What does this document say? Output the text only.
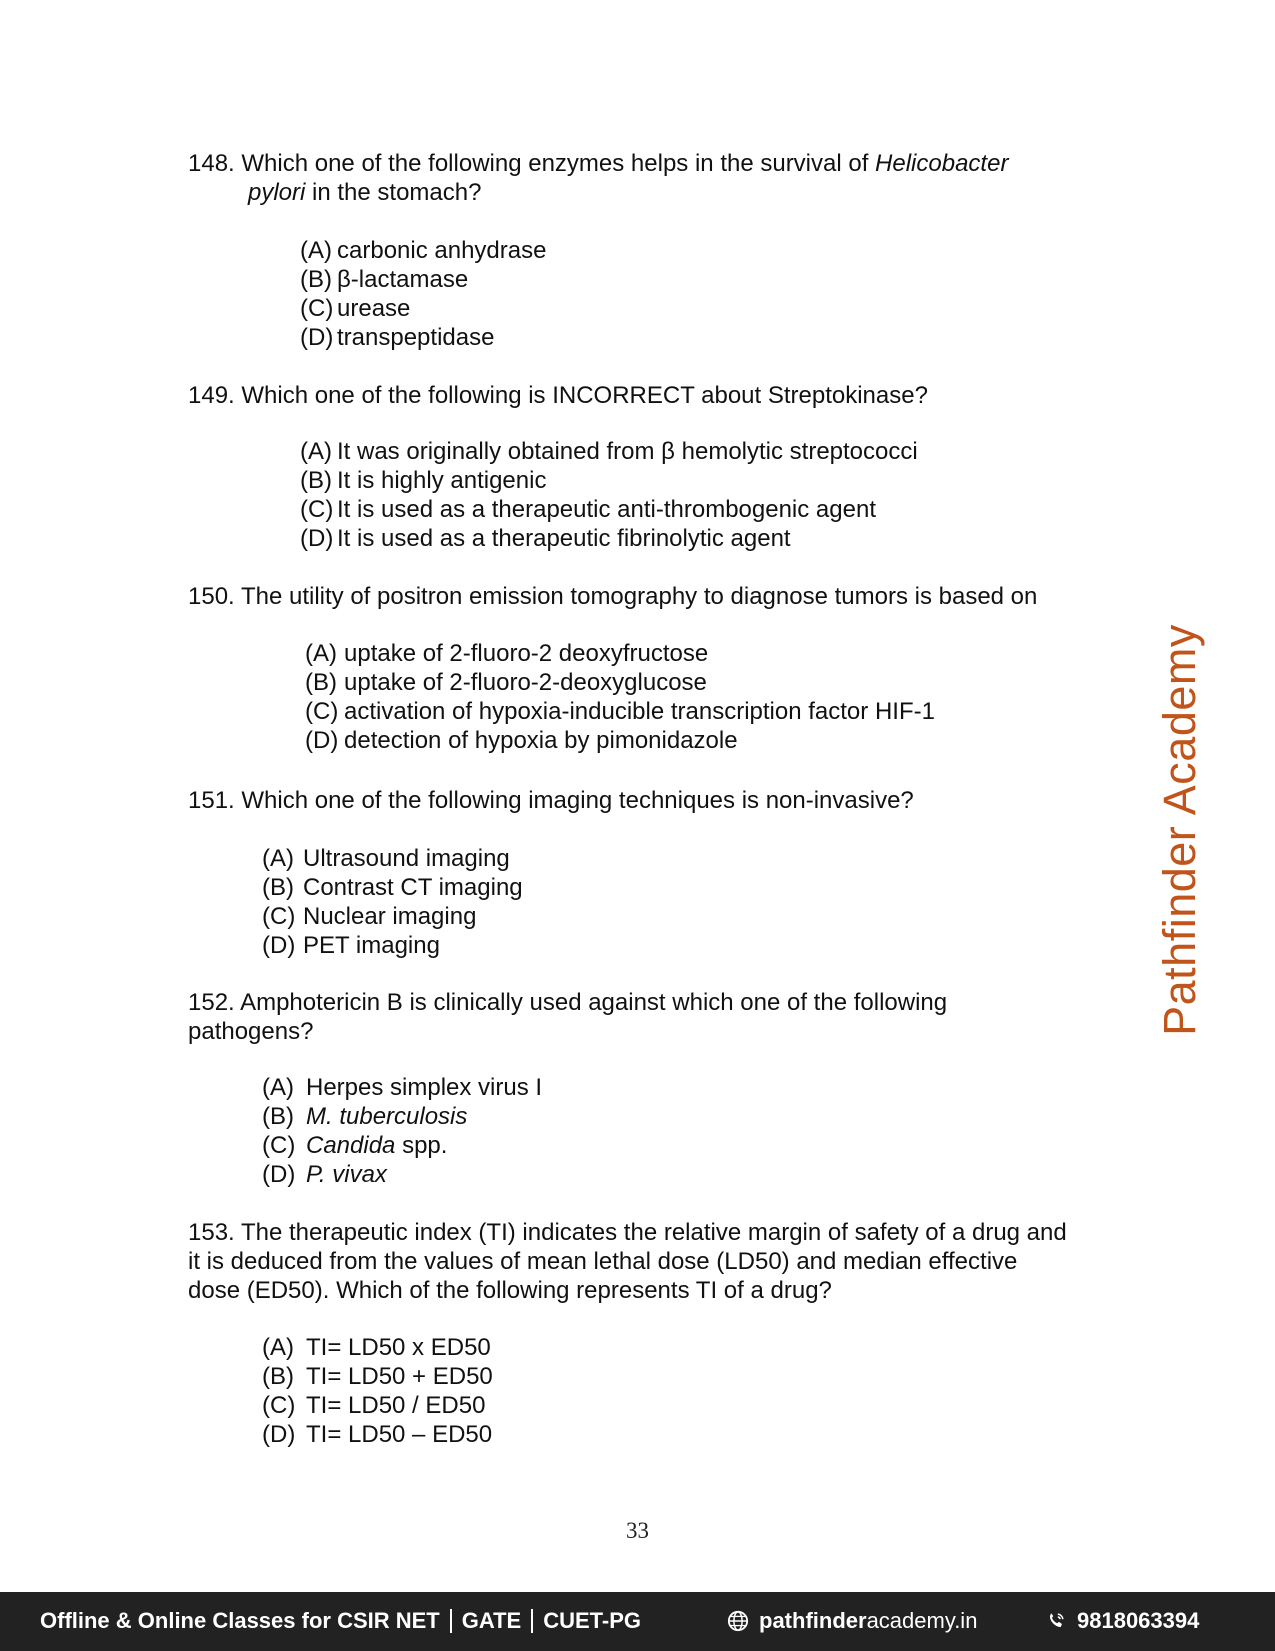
148. Which one of the following enzymes helps in the survival of Helicobacter
pylori in the stomach?
(A) carbonic anhydrase
(B) β-lactamase
(C) urease
(D) transpeptidase
149. Which one of the following is INCORRECT about Streptokinase?
(A) It was originally obtained from β hemolytic streptococci
(B) It is highly antigenic
(C) It is used as a therapeutic anti-thrombogenic agent
(D) It is used as a therapeutic fibrinolytic agent
150. The utility of positron emission tomography to diagnose tumors is based on
(A) uptake of 2-fluoro-2 deoxyfructose
(B) uptake of 2-fluoro-2-deoxyglucose
(C) activation of hypoxia-inducible transcription factor HIF-1
(D) detection of hypoxia by pimonidazole
151. Which one of the following imaging techniques is non-invasive?
(A) Ultrasound imaging
(B) Contrast CT imaging
(C) Nuclear imaging
(D) PET imaging
152. Amphotericin B is clinically used against which one of the following pathogens?
(A) Herpes simplex virus I
(B) M. tuberculosis
(C) Candida spp.
(D) P. vivax
153. The therapeutic index (TI) indicates the relative margin of safety of a drug and it is deduced from the values of mean lethal dose (LD50) and median effective dose (ED50). Which of the following represents TI of a drug?
(A) TI= LD50 x ED50
(B) TI= LD50 + ED50
(C) TI= LD50 / ED50
(D) TI= LD50 – ED50
Pathfinder Academy
33
Offline & Online Classes for CSIR NET GATE CUET-PG	pathfinder academy.in	9818063394
